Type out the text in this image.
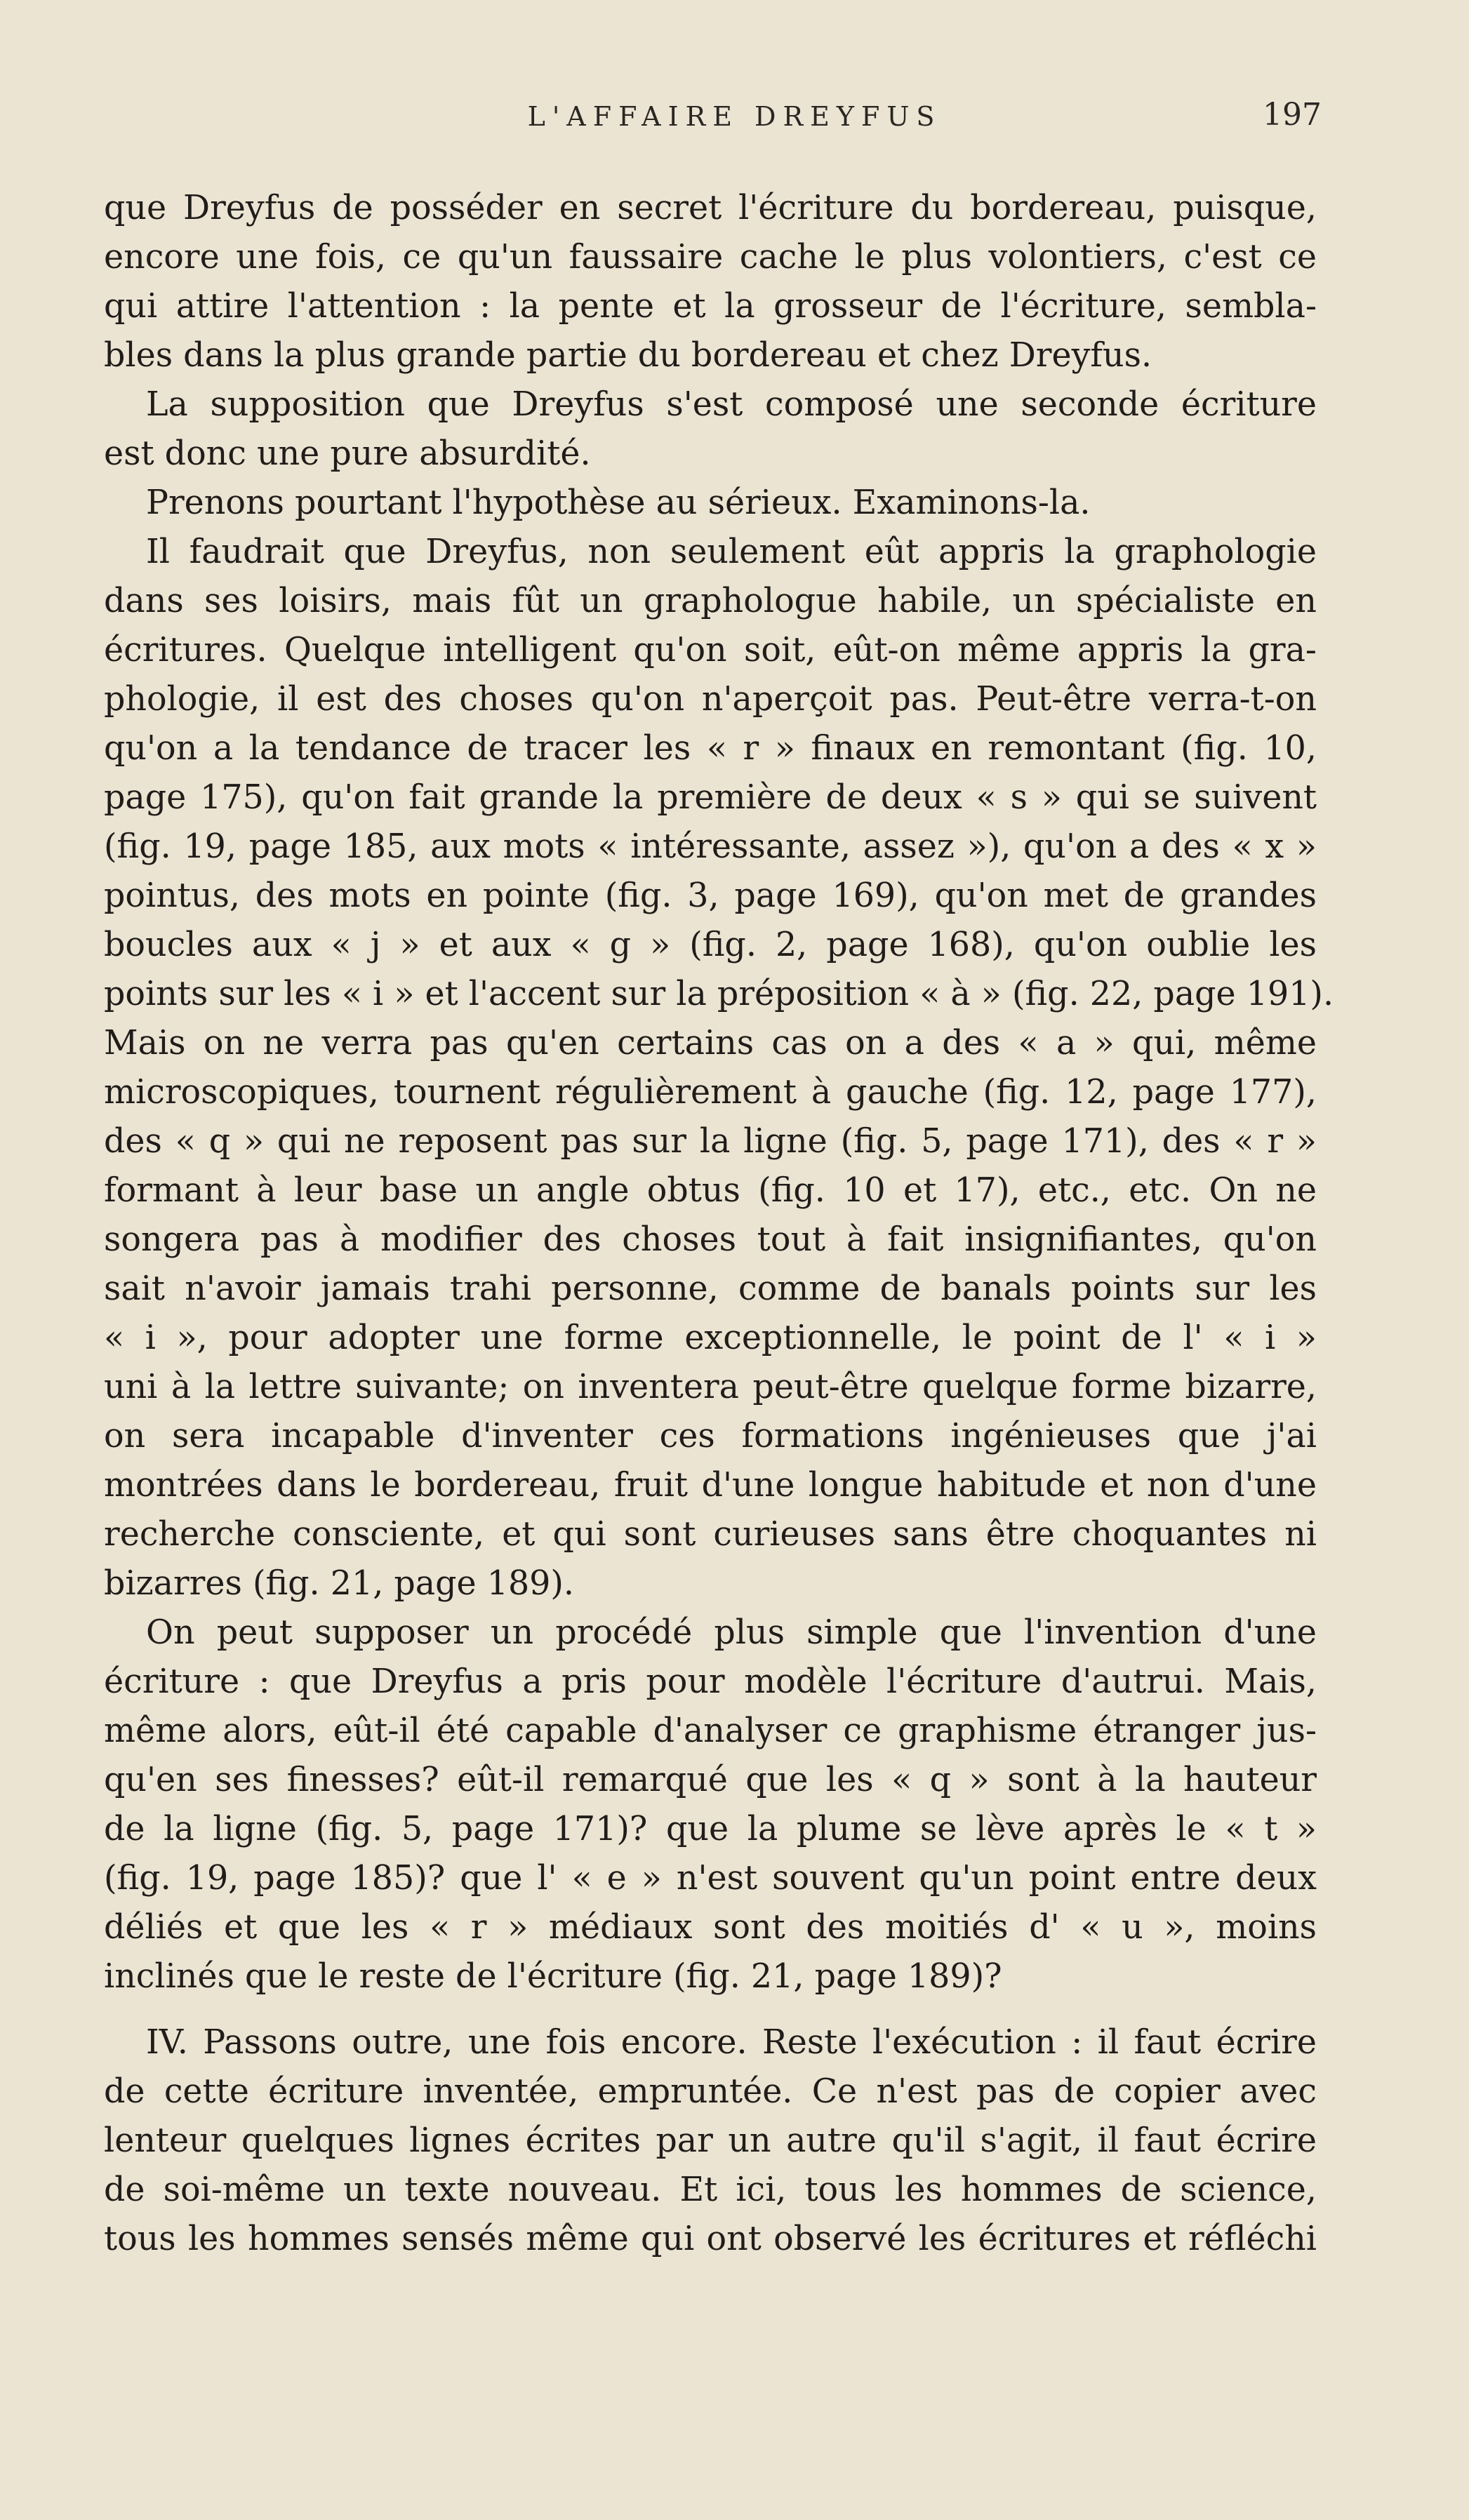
L'AFFAIRE DREYFUS	197
que Dreyfus de posséder en secret l'écriture du bordereau, puisque,
encore une fois, ce qu'un faussaire cache le plus volontiers, c'est ce
qui attire l'attention : la pente et la grosseur de l'écriture, sembla-
bles dans la plus grande partie du bordereau et chez Dreyfus.
La supposition que Dreyfus s'est composé une seconde écriture
est donc une pure absurdité.
Prenons pourtant l'hypothèse au sérieux. Examinons-la.
Il faudrait que Dreyfus, non seulement eût appris la graphologie
dans ses loisirs, mais fût un graphologue habile, un spécialiste en
écritures. Quelque intelligent qu'on soit, eût-on même appris la gra-
phologie, il est des choses qu'on n'aperçoit pas. Peut-être verra-t-on
qu'on a la tendance de tracer les « r » finaux en remontant (fig. 10,
page 175), qu'on fait grande la première de deux « s » qui se suivent
(fig. 19, page 185, aux mots « intéressante, assez »), qu'on a des « x »
pointus, des mots en pointe (fig. 3, page 169), qu'on met de grandes
boucles aux « j » et aux « g » (fig. 2, page 168), qu'on oublie les
points sur les « i » et l'accent sur la préposition « à » (fig. 22, page 191).
Mais on ne verra pas qu'en certains cas on a des « a » qui, même
microscopiques, tournent régulièrement à gauche (fig. 12, page 177),
des « q » qui ne reposent pas sur la ligne (fig. 5, page 171), des « r »
formant à leur base un angle obtus (fig. 10 et 17), etc., etc. On ne
songera pas à modifier des choses tout à fait insignifiantes, qu'on
sait n'avoir jamais trahi personne, comme de banals points sur les
« i », pour adopter une forme exceptionnelle, le point de l' « i »
uni à la lettre suivante; on inventera peut-être quelque forme bizarre,
on sera incapable d'inventer ces formations ingénieuses que j'ai
montrées dans le bordereau, fruit d'une longue habitude et non d'une
recherche consciente, et qui sont curieuses sans être choquantes ni
bizarres (fig. 21, page 189).
On peut supposer un procédé plus simple que l'invention d'une
écriture : que Dreyfus a pris pour modèle l'écriture d'autrui. Mais,
même alors, eût-il été capable d'analyser ce graphisme étranger jus-
qu'en ses finesses? eût-il remarqué que les « q » sont à la hauteur
de la ligne (fig. 5, page 171)? que la plume se lève après le « t »
(fig. 19, page 185)? que l' « e » n'est souvent qu'un point entre deux
déliés et que les « r » médiaux sont des moitiés d' « u », moins
inclinés que le reste de l'écriture (fig. 21, page 189)?
IV. Passons outre, une fois encore. Reste l'exécution : il faut écrire
de cette écriture inventée, empruntée. Ce n'est pas de copier avec
lenteur quelques lignes écrites par un autre qu'il s'agit, il faut écrire
de soi-même un texte nouveau. Et ici, tous les hommes de science,
tous les hommes sensés même qui ont observé les écritures et réfléchi
